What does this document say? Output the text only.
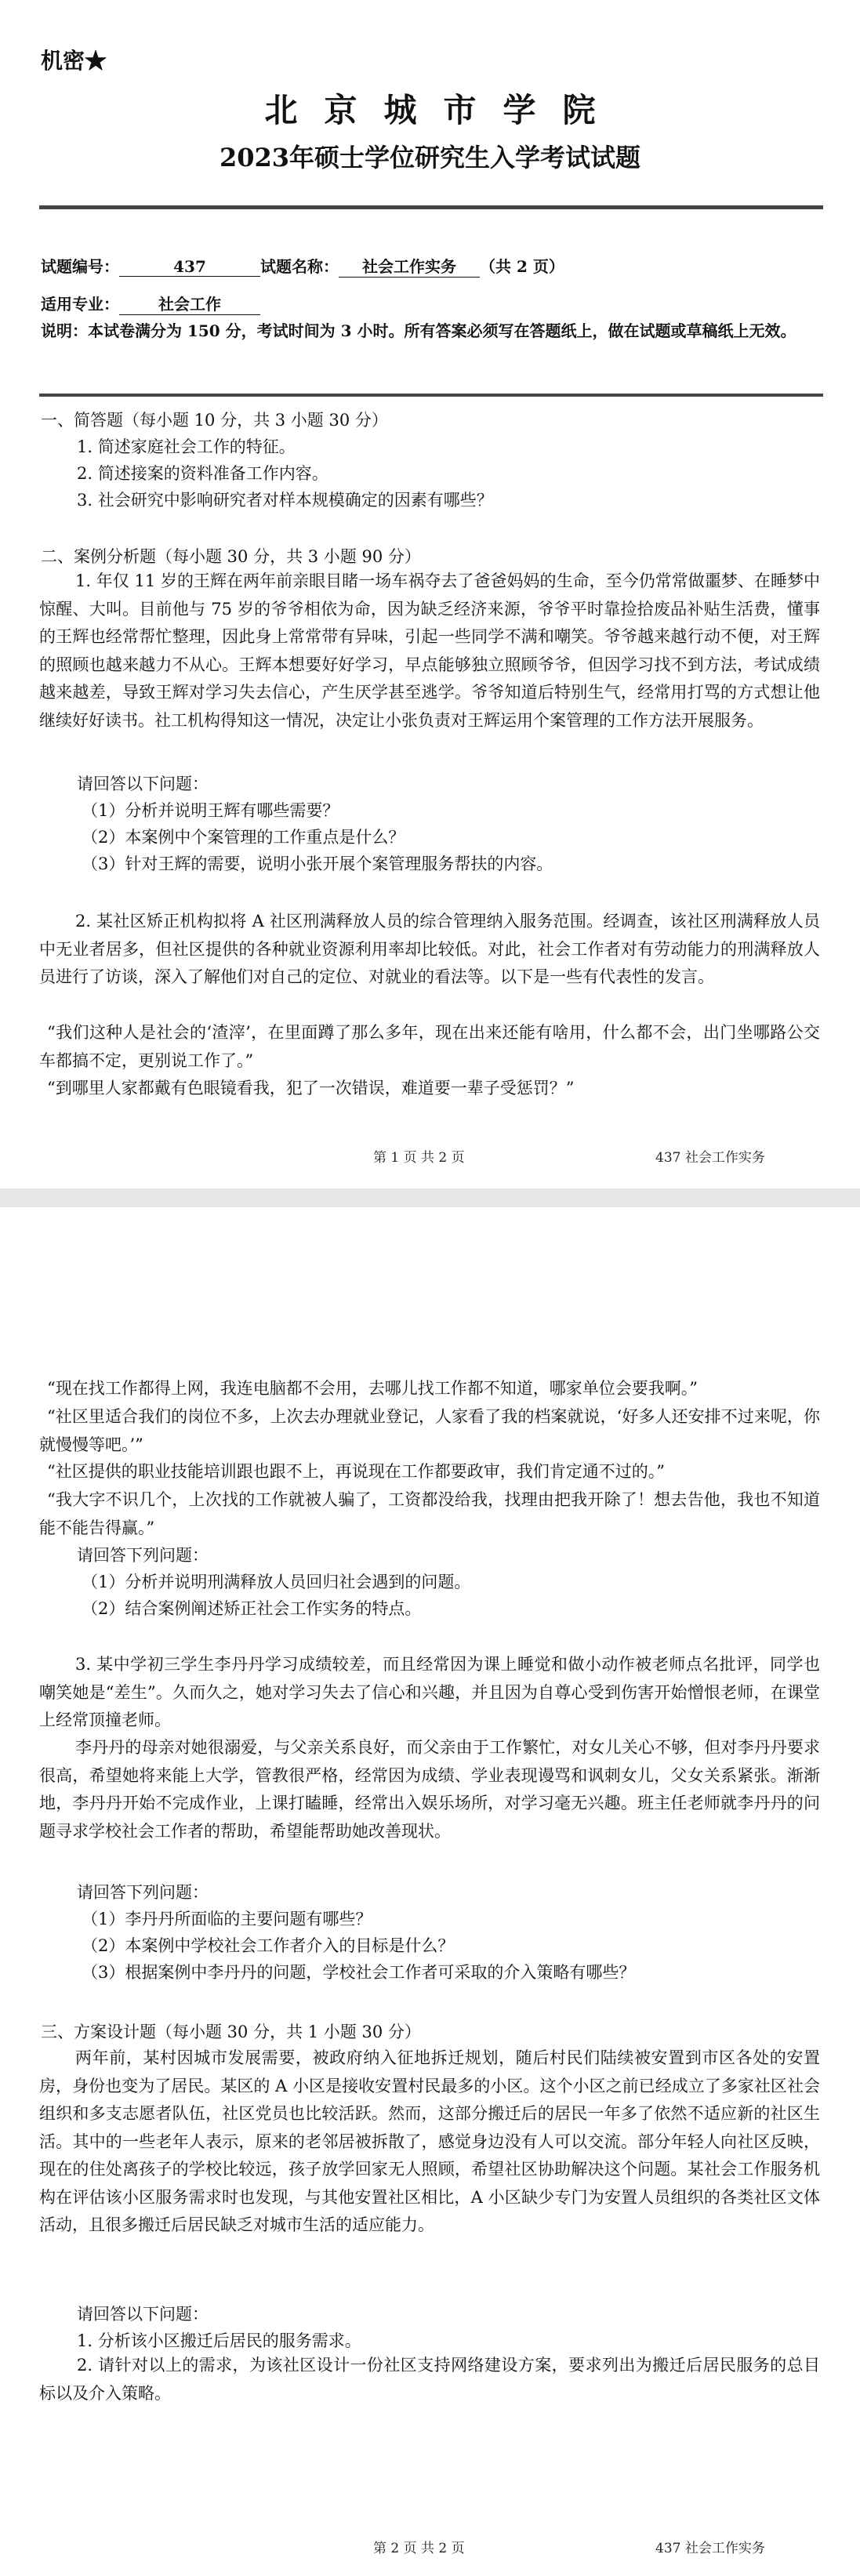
机密★
北京城市学院
2023年硕士学位研究生入学考试试题
试题编号：	437	试题名称： 社会工作实务 （共 2 页）
适用专业：	社会工作
说明：本试卷满分为 150 分，考试时间为 3 小时。所有答案必须写在答题纸上，做在试题或草稿纸上无效。
一、简答题（每小题 10 分，共 3 小题 30 分）
1. 简述家庭社会工作的特征。
2. 简述接案的资料准备工作内容。
3. 社会研究中影响研究者对样本规模确定的因素有哪些？
二、案例分析题（每小题 30 分，共 3 小题 90 分）
1. 年仅 11 岁的王辉在两年前亲眼目睹一场车祸夺去了爸爸妈妈的生命，至今仍常常做噩梦、在睡梦中惊醒、大叫。目前他与 75 岁的爷爷相依为命，因为缺乏经济来源，爷爷平时靠捡拾废品补贴生活费，懂事的王辉也经常帮忙整理，因此身上常常带有异味，引起一些同学不满和嘲笑。爷爷越来越行动不便，对王辉的照顾也越来越力不从心。王辉本想要好好学习，早点能够独立照顾爷爷，但因学习找不到方法，考试成绩越来越差，导致王辉对学习失去信心，产生厌学甚至逃学。爷爷知道后特别生气，经常用打骂的方式想让他继续好好读书。社工机构得知这一情况，决定让小张负责对王辉运用个案管理的工作方法开展服务。
请回答以下问题：
（1）分析并说明王辉有哪些需要？
（2）本案例中个案管理的工作重点是什么？
（3）针对王辉的需要，说明小张开展个案管理服务帮扶的内容。
2. 某社区矫正机构拟将 A 社区刑满释放人员的综合管理纳入服务范围。经调查，该社区刑满释放人员中无业者居多，但社区提供的各种就业资源利用率却比较低。对此，社会工作者对有劳动能力的刑满释放人员进行了访谈，深入了解他们对自己的定位、对就业的看法等。以下是一些有代表性的发言。
“我们这种人是社会的‘渣滓’，在里面蹲了那么多年，现在出来还能有啥用，什么都不会，出门坐哪路公交车都搞不定，更别说工作了。”
“到哪里人家都戴有色眼镜看我，犯了一次错误，难道要一辈子受惩罚？”
第 1 页 共 2 页	437 社会工作实务
“现在找工作都得上网，我连电脑都不会用，去哪儿找工作都不知道，哪家单位会要我啊。”
“社区里适合我们的岗位不多，上次去办理就业登记，人家看了我的档案就说，‘好多人还安排不过来呢，你就慢慢等吧。’”
“社区提供的职业技能培训跟也跟不上，再说现在工作都要政审，我们肯定通不过的。”
“我大字不识几个，上次找的工作就被人骗了，工资都没给我，找理由把我开除了！想去告他，我也不知道能不能告得赢。”
请回答下列问题：
（1）分析并说明刑满释放人员回归社会遇到的问题。
（2）结合案例阐述矫正社会工作实务的特点。
3. 某中学初三学生李丹丹学习成绩较差，而且经常因为课上睡觉和做小动作被老师点名批评，同学也嘲笑她是“差生”。久而久之，她对学习失去了信心和兴趣，并且因为自尊心受到伤害开始憎恨老师，在课堂上经常顶撞老师。
李丹丹的母亲对她很溺爱，与父亲关系良好，而父亲由于工作繁忙，对女儿关心不够，但对李丹丹要求很高，希望她将来能上大学，管教很严格，经常因为成绩、学业表现谩骂和讽刺女儿，父女关系紧张。渐渐地，李丹丹开始不完成作业，上课打瞌睡，经常出入娱乐场所，对学习毫无兴趣。班主任老师就李丹丹的问题寻求学校社会工作者的帮助，希望能帮助她改善现状。
请回答下列问题：
（1）李丹丹所面临的主要问题有哪些？
（2）本案例中学校社会工作者介入的目标是什么？
（3）根据案例中李丹丹的问题，学校社会工作者可采取的介入策略有哪些？
三、方案设计题（每小题 30 分，共 1 小题 30 分）
两年前，某村因城市发展需要，被政府纳入征地拆迁规划，随后村民们陆续被安置到市区各处的安置房，身份也变为了居民。某区的 A 小区是接收安置村民最多的小区。这个小区之前已经成立了多家社区社会组织和多支志愿者队伍，社区党员也比较活跃。然而，这部分搬迁后的居民一年多了依然不适应新的社区生活。其中的一些老年人表示，原来的老邻居被拆散了，感觉身边没有人可以交流。部分年轻人向社区反映，现在的住处离孩子的学校比较远，孩子放学回家无人照顾，希望社区协助解决这个问题。某社会工作服务机构在评估该小区服务需求时也发现，与其他安置社区相比，A 小区缺少专门为安置人员组织的各类社区文体活动，且很多搬迁后居民缺乏对城市生活的适应能力。
请回答以下问题：
1. 分析该小区搬迁后居民的服务需求。
2. 请针对以上的需求，为该社区设计一份社区支持网络建设方案，要求列出为搬迁后居民服务的总目标以及介入策略。
第 2 页 共 2 页	437 社会工作实务
